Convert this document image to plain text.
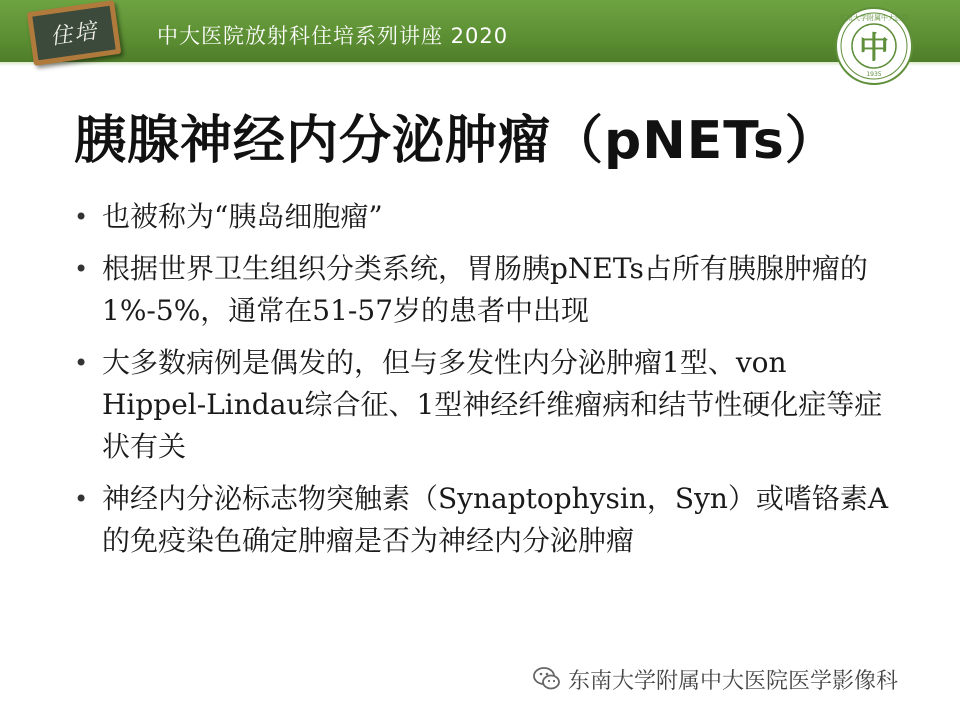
住培	中大医院放射科住培系列讲座 2020	中
东南大学附属中大医院
1935
胰腺神经内分泌肿瘤（pNETs）
• 也被称为“胰岛细胞瘤”
• 根据世界卫生组织分类系统，胃肠胰pNETs占所有胰腺肿瘤的1%-5%，通常在51-57岁的患者中出现
• 大多数病例是偶发的，但与多发性内分泌肿瘤1型、von Hippel-Lindau综合征、1型神经纤维瘤病和结节性硬化症等症状有关
• 神经内分泌标志物突触素（Synaptophysin，Syn）或嗜铬素A的免疫染色确定肿瘤是否为神经内分泌肿瘤
东南大学附属中大医院医学影像科
